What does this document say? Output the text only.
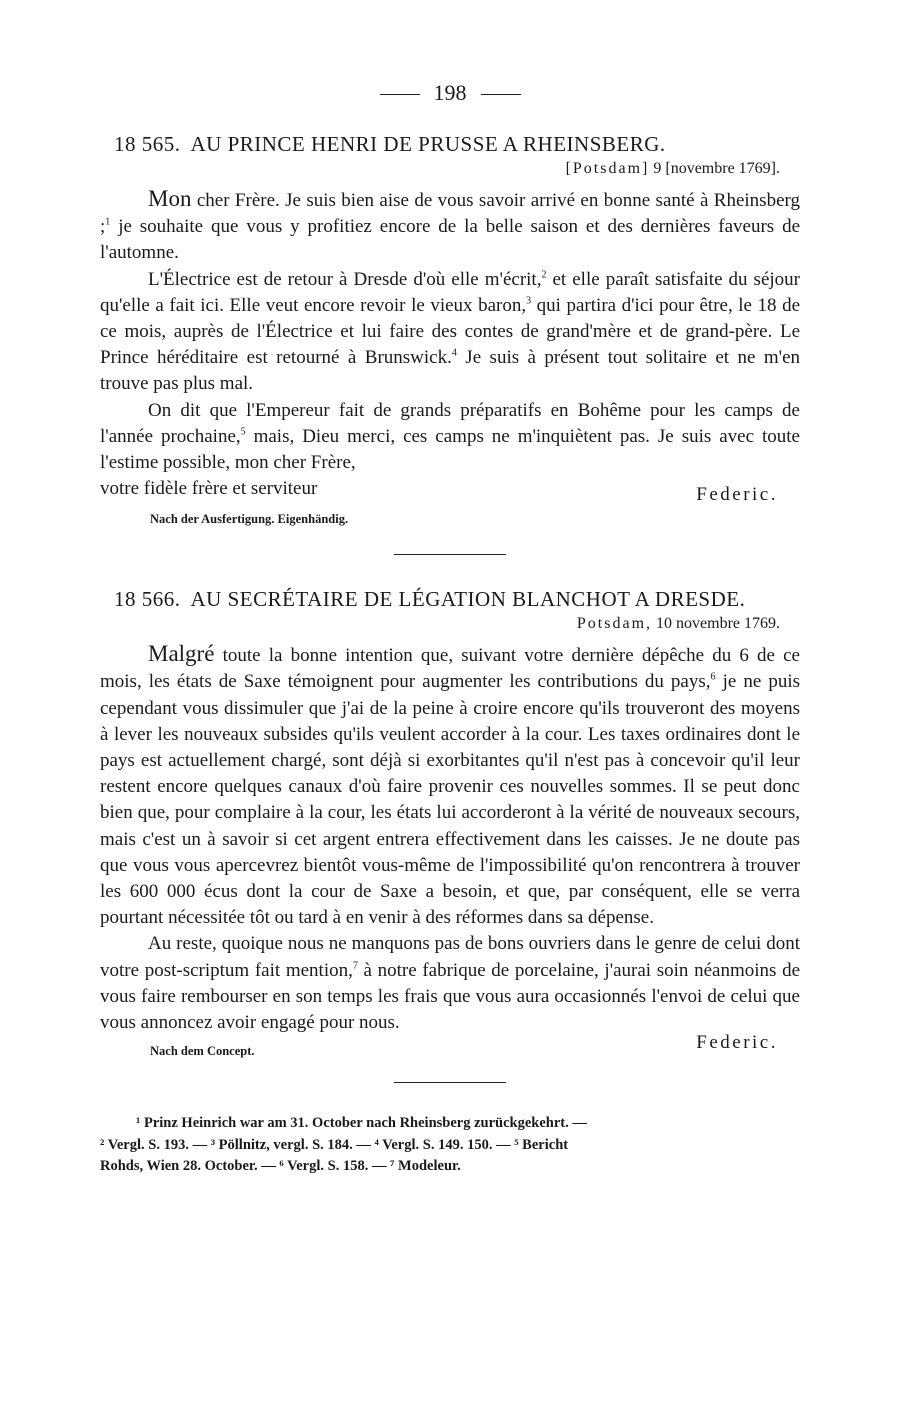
198
18 565. AU PRINCE HENRI DE PRUSSE A RHEINSBERG.
[Potsdam] 9 [novembre 1769].

Mon cher Frère. Je suis bien aise de vous savoir arrivé en bonne santé à Rheinsberg ;$^1$ je souhaite que vous y profitiez encore de la belle saison et des dernières faveurs de l'automne.

L'Électrice est de retour à Dresde d'où elle m'écrit,$^2$ et elle paraît satisfaite du séjour qu'elle a fait ici. Elle veut encore revoir le vieux baron,$^3$ qui partira d'ici pour être, le 18 de ce mois, auprès de l'Électrice et lui faire des contes de grand'mère et de grand-père. Le Prince héréditaire est retourné à Brunswick.$^4$ Je suis à présent tout solitaire et ne m'en trouve pas plus mal.

On dit que l'Empereur fait de grands préparatifs en Bohême pour les camps de l'année prochaine,$^5$ mais, Dieu merci, ces camps ne m'inquiètent pas. Je suis avec toute l'estime possible, mon cher Frère,

votre fidèle frère et serviteur	Federic.
Nach der Ausfertigung. Eigenhändig.
18 566. AU SECRÉTAIRE DE LÉGATION BLANCHOT A DRESDE.
Potsdam, 10 novembre 1769.

Malgré toute la bonne intention que, suivant votre dernière dépêche du 6 de ce mois, les états de Saxe témoignent pour augmenter les contributions du pays,$^6$ je ne puis cependant vous dissimuler que j'ai de la peine à croire encore qu'ils trouveront des moyens à lever les nouveaux subsides qu'ils veulent accorder à la cour. Les taxes ordinaires dont le pays est actuellement chargé, sont déjà si exorbitantes qu'il n'est pas à concevoir qu'il leur restent encore quelques canaux d'où faire provenir ces nouvelles sommes. Il se peut donc bien que, pour complaire à la cour, les états lui accorderont à la vérité de nouveaux secours, mais c'est un à savoir si cet argent entrera effectivement dans les caisses. Je ne doute pas que vous vous apercevrez bientôt vous-même de l'impossibilité qu'on rencontrera à trouver les 600 000 écus dont la cour de Saxe a besoin, et que, par conséquent, elle se verra pourtant nécessitée tôt ou tard à en venir à des réformes dans sa dépense.

Au reste, quoique nous ne manquons pas de bons ouvriers dans le genre de celui dont votre post-scriptum fait mention,$^7$ à notre fabrique de porcelaine, j'aurai soin néanmoins de vous faire rembourser en son temps les frais que vous aura occasionnés l'envoi de celui que vous annoncez avoir engagé pour nous.

Nach dem Concept.	Federic.
¹ Prinz Heinrich war am 31. October nach Rheinsberg zurückgekehrt. —
² Vergl. S. 193. — ³ Pöllnitz, vergl. S. 184. — ⁴ Vergl. S. 149. 150. — ⁵ Bericht
Rohds, Wien 28. October. — ⁶ Vergl. S. 158. — ⁷ Modeleur.
